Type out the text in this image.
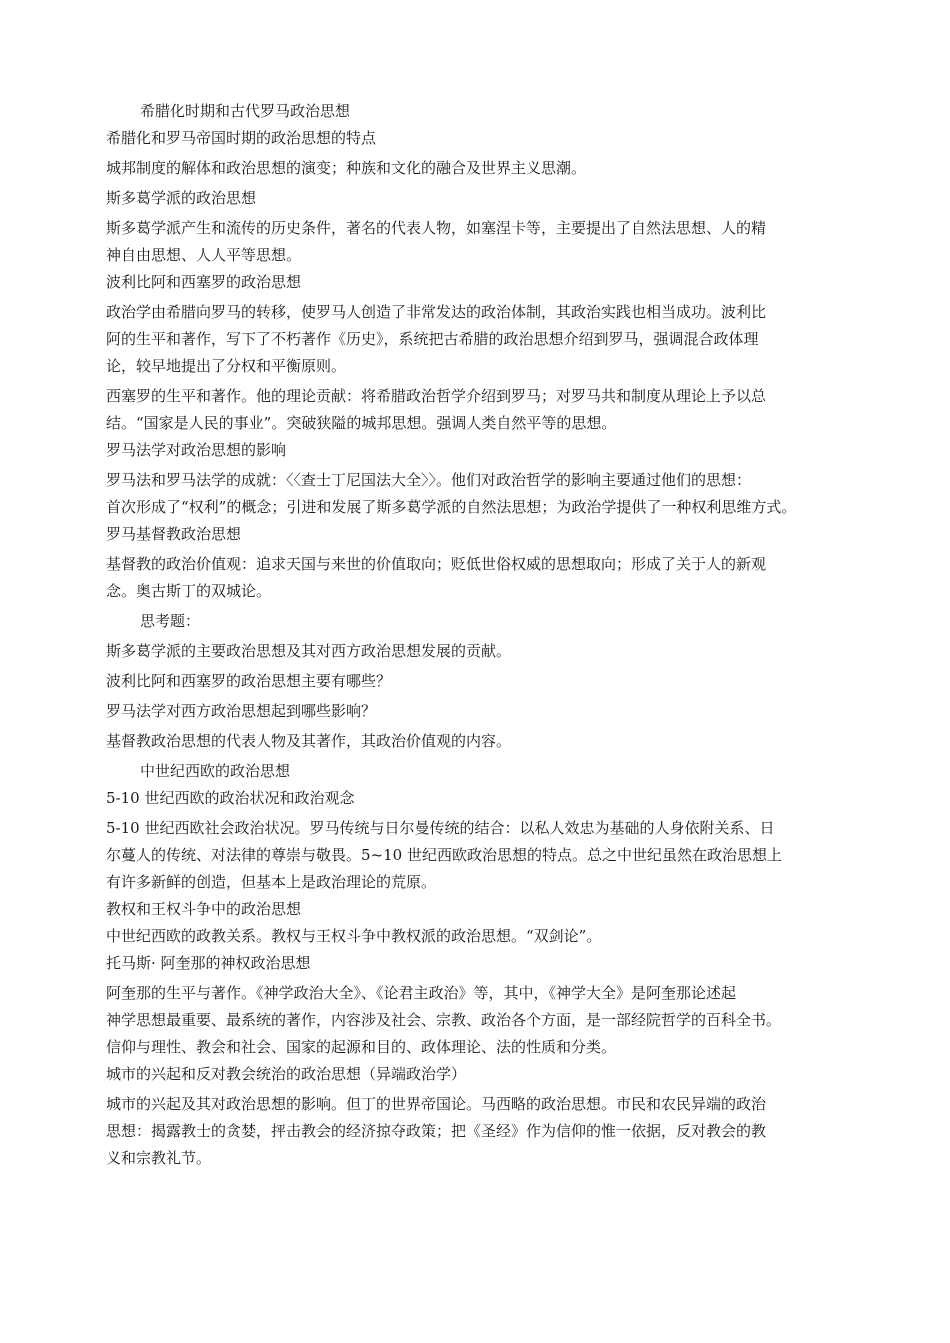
希腊化时期和古代罗马政治思想
希腊化和罗马帝国时期的政治思想的特点
城邦制度的解体和政治思想的演变；种族和文化的融合及世界主义思潮。
斯多葛学派的政治思想
斯多葛学派产生和流传的历史条件，著名的代表人物，如塞涅卡等，主要提出了自然法思想、人的精
神自由思想、人人平等思想。
波利比阿和西塞罗的政治思想
政治学由希腊向罗马的转移，使罗马人创造了非常发达的政治体制，其政治实践也相当成功。波利比
阿的生平和著作，写下了不朽著作《历史》，系统把古希腊的政治思想介绍到罗马，强调混合政体理
论，较早地提出了分权和平衡原则。
西塞罗的生平和著作。他的理论贡献：将希腊政治哲学介绍到罗马；对罗马共和制度从理论上予以总
结。“国家是人民的事业”。突破狭隘的城邦思想。强调人类自然平等的思想。
罗马法学对政治思想的影响
罗马法和罗马法学的成就：〈〈查士丁尼国法大全〉〉。他们对政治哲学的影响主要通过他们的思想：
首次形成了“权利”的概念；引进和发展了斯多葛学派的自然法思想；为政治学提供了一种权利思维方式。
罗马基督教政治思想
基督教的政治价值观：追求天国与来世的价值取向；贬低世俗权威的思想取向；形成了关于人的新观
念。奥古斯丁的双城论。
思考题：
斯多葛学派的主要政治思想及其对西方政治思想发展的贡献。
波利比阿和西塞罗的政治思想主要有哪些？
罗马法学对西方政治思想起到哪些影响？
基督教政治思想的代表人物及其著作，其政治价值观的内容。
中世纪西欧的政治思想
5-10 世纪西欧的政治状况和政治观念
5-10 世纪西欧社会政治状况。罗马传统与日尔曼传统的结合：以私人效忠为基础的人身依附关系、日
尔蔓人的传统、对法律的尊崇与敬畏。5~10 世纪西欧政治思想的特点。总之中世纪虽然在政治思想上
有许多新鲜的创造，但基本上是政治理论的荒原。
教权和王权斗争中的政治思想
中世纪西欧的政教关系。教权与王权斗争中教权派的政治思想。“双剑论”。
托马斯· 阿奎那的神权政治思想
阿奎那的生平与著作。《神学政治大全》、《论君主政治》等，其中，《神学大全》是阿奎那论述起
神学思想最重要、最系统的著作，内容涉及社会、宗教、政治各个方面，是一部经院哲学的百科全书。
信仰与理性、教会和社会、国家的起源和目的、政体理论、法的性质和分类。
城市的兴起和反对教会统治的政治思想（异端政治学）
城市的兴起及其对政治思想的影响。但丁的世界帝国论。马西略的政治思想。市民和农民异端的政治
思想：揭露教士的贪婪，抨击教会的经济掠夺政策；把《圣经》作为信仰的惟一依据，反对教会的教
义和宗教礼节。
